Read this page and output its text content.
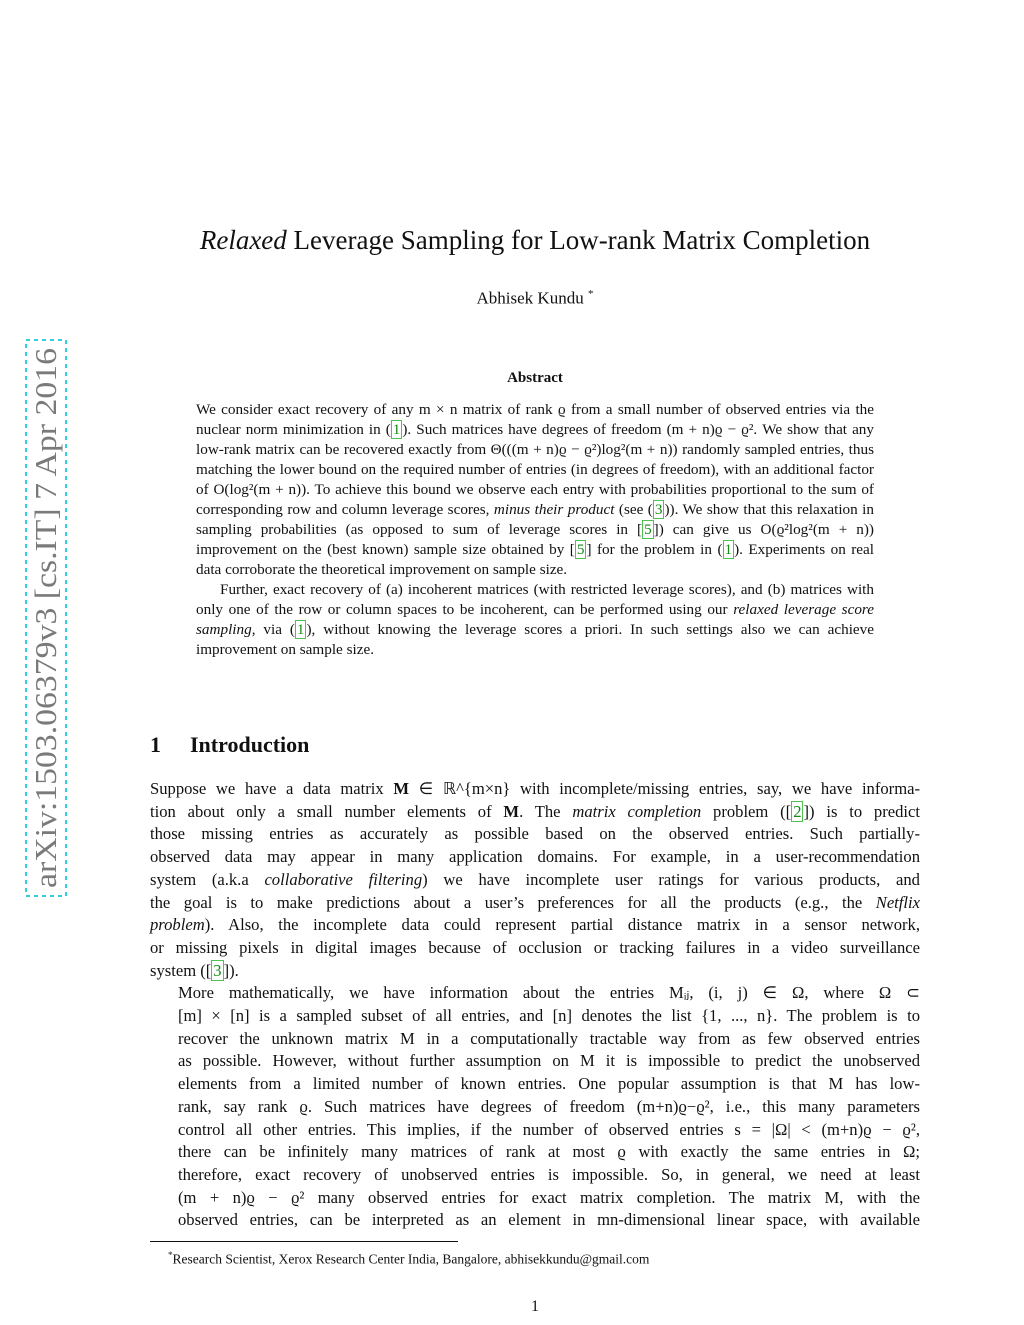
arXiv:1503.06379v3 [cs.IT] 7 Apr 2016
Relaxed Leverage Sampling for Low-rank Matrix Completion
Abhisek Kundu *
Abstract

We consider exact recovery of any m × n matrix of rank ϱ from a small number of observed entries via the nuclear norm minimization in ( 1 ). Such matrices have degrees of freedom (m + n)ϱ − ϱ². We show that any low-rank matrix can be recovered exactly from Θ(((m + n)ϱ − ϱ²)log²(m + n)) randomly sampled entries, thus matching the lower bound on the required number of entries (in degrees of freedom), with an additional factor of O(log²(m + n)). To achieve this bound we observe each entry with probabilities proportional to the sum of corresponding row and column leverage scores, minus their product (see ( 3 )). We show that this relaxation in sampling probabilities (as opposed to sum of leverage scores in [ 5 ]) can give us O(ϱ²log²(m + n)) improvement on the (best known) sample size obtained by [ 5 ] for the problem in ( 1 ). Experiments on real data corroborate the theoretical improvement on sample size.

Further, exact recovery of (a) incoherent matrices (with restricted leverage scores), and (b) matrices with only one of the row or column spaces to be incoherent, can be performed using our relaxed leverage score sampling, via ( 1 ), without knowing the leverage scores a priori. In such settings also we can achieve improvement on sample size.

1 Introduction

Suppose we have a data matrix M ∈ ℝ^{m×n} with incomplete/missing entries, say, we have informa-
tion about only a small number elements of M. The matrix completion problem ([ 2 ]) is to predict
those missing entries as accurately as possible based on the observed entries. Such partially-
observed data may appear in many application domains. For example, in a user-recommendation
system (a.k.a collaborative filtering) we have incomplete user ratings for various products, and
the goal is to make predictions about a user’s preferences for all the products (e.g., the Netflix
problem). Also, the incomplete data could represent partial distance matrix in a sensor network,
or missing pixels in digital images because of occlusion or tracking failures in a video surveillance
system ([ 3 ]).

More mathematically, we have information about the entries Mᵢⱼ, (i, j) ∈ Ω, where Ω ⊂
[m] × [n] is a sampled subset of all entries, and [n] denotes the list {1, ..., n}. The problem is to
recover the unknown matrix M in a computationally tractable way from as few observed entries
as possible. However, without further assumption on M it is impossible to predict the unobserved
elements from a limited number of known entries. One popular assumption is that M has low-
rank, say rank ϱ. Such matrices have degrees of freedom (m+n)ϱ−ϱ², i.e., this many parameters
control all other entries. This implies, if the number of observed entries s = |Ω| < (m+n)ϱ − ϱ²,
there can be infinitely many matrices of rank at most ϱ with exactly the same entries in Ω;
therefore, exact recovery of unobserved entries is impossible. So, in general, we need at least
(m + n)ϱ − ϱ² many observed entries for exact matrix completion. The matrix M, with the
observed entries, can be interpreted as an element in mn-dimensional linear space, with available

*Research Scientist, Xerox Research Center India, Bangalore, abhisekkundu@gmail.com
1
